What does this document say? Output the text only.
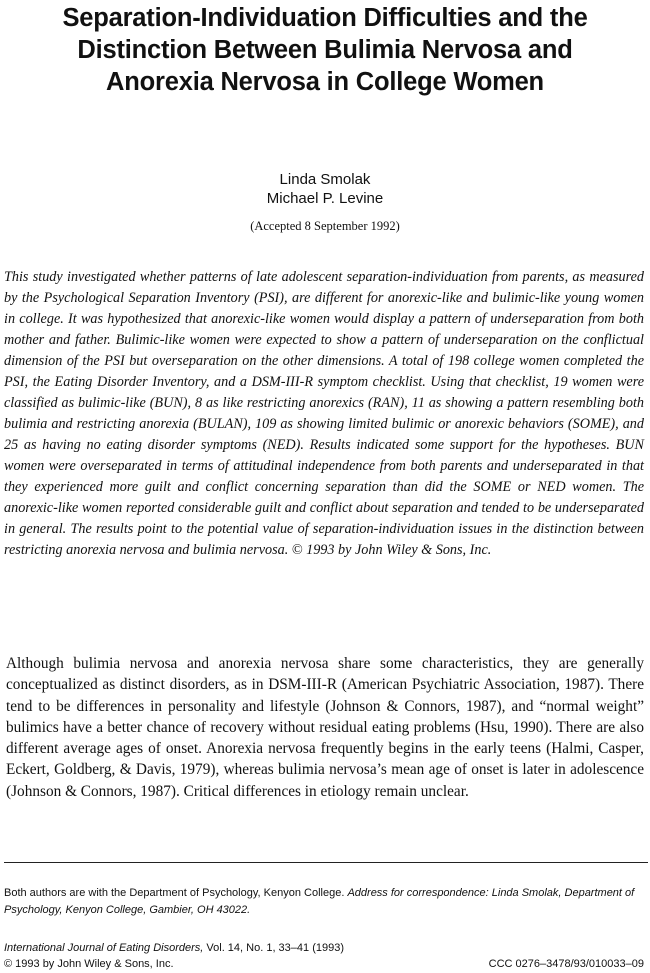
Separation-Individuation Difficulties and the
Distinction Between Bulimia Nervosa and
Anorexia Nervosa in College Women
Linda Smolak
Michael P. Levine
(Accepted 8 September 1992)

This study investigated whether patterns of late adolescent separation-individuation from parents, as measured by the Psychological Separation Inventory (PSI), are different for anorexic-like and bulimic-like young women in college. It was hypothesized that anorexic-like women would display a pattern of underseparation from both mother and father. Bulimic-like women were expected to show a pattern of underseparation on the conflictual dimension of the PSI but overseparation on the other dimensions. A total of 198 college women completed the PSI, the Eating Disorder Inventory, and a DSM-III-R symptom checklist. Using that checklist, 19 women were classified as bulimic-like (BUN), 8 as like restricting anorexics (RAN), 11 as showing a pattern resembling both bulimia and restricting anorexia (BULAN), 109 as showing limited bulimic or anorexic behaviors (SOME), and 25 as having no eating disorder symptoms (NED). Results indicated some support for the hypotheses. BUN women were overseparated in terms of attitudinal independence from both parents and underseparated in that they experienced more guilt and conflict concerning separation than did the SOME or NED women. The anorexic-like women reported considerable guilt and conflict about separation and tended to be underseparated in general. The results point to the potential value of separation-individuation issues in the distinction between restricting anorexia nervosa and bulimia nervosa. © 1993 by John Wiley & Sons, Inc.

Although bulimia nervosa and anorexia nervosa share some characteristics, they are generally conceptualized as distinct disorders, as in DSM-III-R (American Psychiatric Association, 1987). There tend to be differences in personality and lifestyle (Johnson & Connors, 1987), and “normal weight” bulimics have a better chance of recovery without residual eating problems (Hsu, 1990). There are also different average ages of onset. Anorexia nervosa frequently begins in the early teens (Halmi, Casper, Eckert, Goldberg, & Davis, 1979), whereas bulimia nervosa’s mean age of onset is later in adolescence (Johnson & Connors, 1987). Critical differences in etiology remain unclear.

Both authors are with the Department of Psychology, Kenyon College. Address for correspondence: Linda Smolak, Department of Psychology, Kenyon College, Gambier, OH 43022.

International Journal of Eating Disorders, Vol. 14, No. 1, 33–41 (1993)
© 1993 by John Wiley & Sons, Inc.	CCC 0276–3478/93/010033–09
